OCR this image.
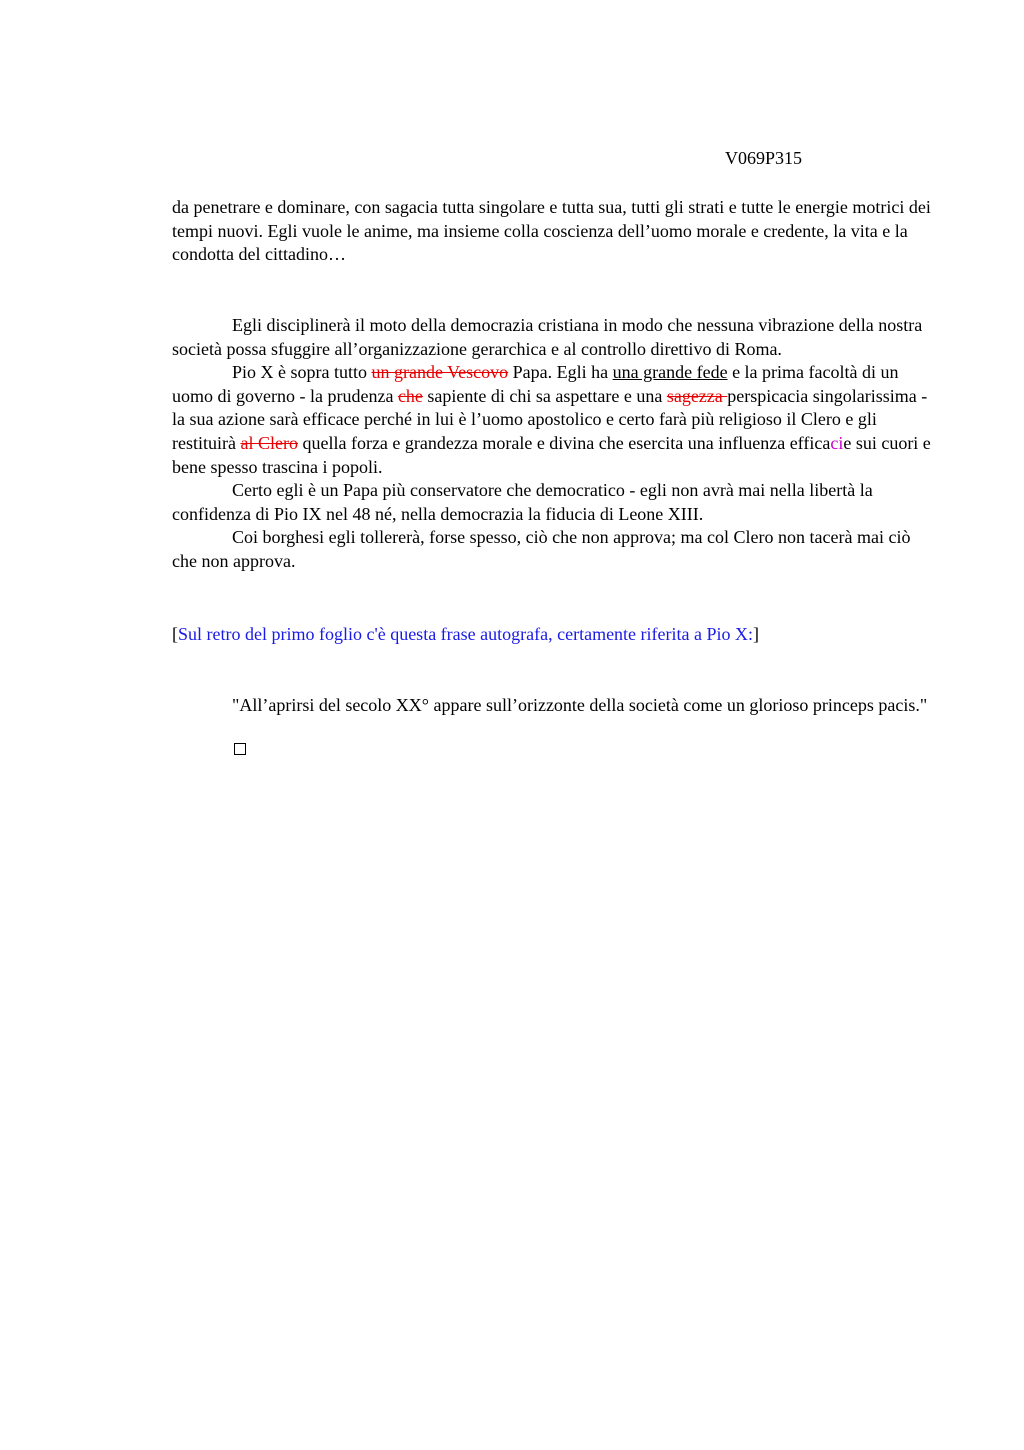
V069P315

da penetrare e dominare, con sagacia tutta singolare e tutta sua, tutti gli strati e tutte le energie motrici dei tempi nuovi. Egli vuole le anime, ma insieme colla coscienza dell’uomo morale e credente, la vita e la condotta del cittadino…

Egli disciplinerà il moto della democrazia cristiana in modo che nessuna vibrazione della nostra società possa sfuggire all’organizzazione gerarchica e al controllo direttivo di Roma.
Pio X è sopra tutto un grande Vescovo Papa. Egli ha una grande fede e la prima facoltà di un uomo di governo - la prudenza che sapiente di chi sa aspettare e una sagezza perspicacia singolarissima - la sua azione sarà efficace perché in lui è l’uomo apostolico e certo farà più religioso il Clero e gli restituirà al Clero quella forza e grandezza morale e divina che esercita una influenza efficacie sui cuori e bene spesso trascina i popoli.
Certo egli è un Papa più conservatore che democratico - egli non avrà mai nella libertà la confidenza di Pio IX nel 48 né, nella democrazia la fiducia di Leone XIII.
Coi borghesi egli tollererà, forse spesso, ciò che non approva; ma col Clero non tacerà mai ciò che non approva.

[Sul retro del primo foglio c'è questa frase autografa, certamente riferita a Pio X:]

"All’aprirsi del secolo XX° appare sull’orizzonte della società come un glorioso princeps pacis."
